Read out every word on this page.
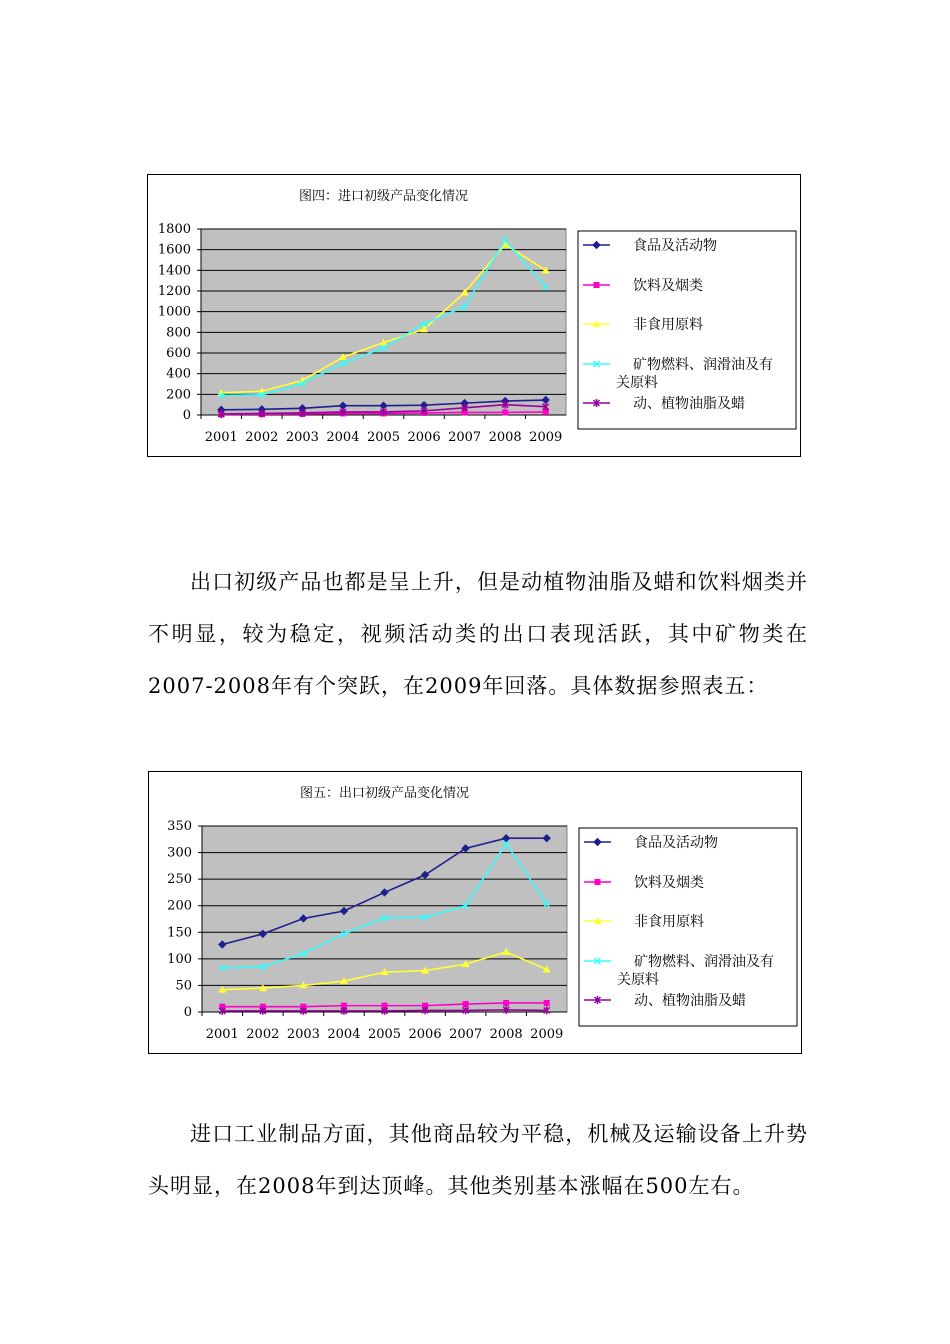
图四：进口初级产品变化情况
0
200
400
600
800
1000
1200
1400
1600
1800
2001 2002 2003 2004 2005 2006 2007 2008 2009
食品及活动物
饮料及烟类
非食用原料
矿物燃料、润滑油及有
关原料
动、植物油脂及蜡

出口初级产品也都是呈上升，但是动植物油脂及蜡和饮料烟类并不明显，较为稳定，视频活动类的出口表现活跃，其中矿物类在2007-2008年有个突跃，在2009年回落。具体数据参照表五：

图五：出口初级产品变化情况
0
50
100
150
200
250
300
350
2001 2002 2003 2004 2005 2006 2007 2008 2009
食品及活动物
饮料及烟类
非食用原料
矿物燃料、润滑油及有
关原料
动、植物油脂及蜡

进口工业制品方面，其他商品较为平稳，机械及运输设备上升势头明显，在2008年到达顶峰。其他类别基本涨幅在500左右。
